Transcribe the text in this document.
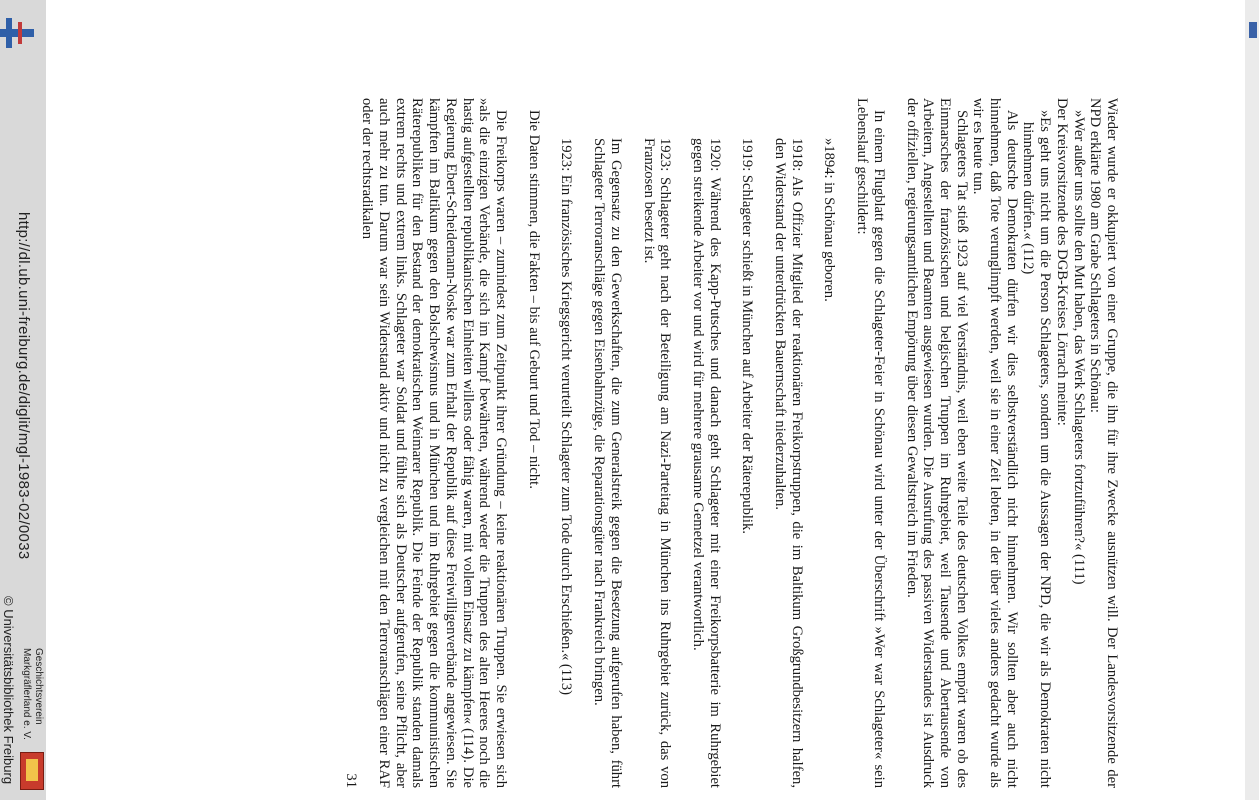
http://dl.ub.uni-freiburg.de/diglit/mgl-1983-02/0033
© Universitätsbibliothek Freiburg Geschichtsverein
Markgräflerland e. V.	Wieder wurde er okkupiert von einer Gruppe, die ihn für ihre Zwecke ausnützen will. Der Landesvorsitzende der NPD erklärte 1980 am Grabe Schlageters in Schönau:

»Wer außer uns sollte den Mut haben, das Werk Schlageters fortzuführen?« (111)

Der Kreisvorsitzende des DGB-Kreises Lörrach meinte:

»Es geht uns nicht um die Person Schlageters, sondern um die Aussagen der NPD, die wir als Demokraten nicht hinnehmen dürfen.« (112)

Als deutsche Demokraten dürfen wir dies selbstverständlich nicht hinnehmen. Wir sollten aber auch nicht hinnehmen, daß Tote verunglimpft werden, weil sie in einer Zeit lebten, in der über vieles anders gedacht wurde als wir es heute tun.

Schlageters Tat stieß 1923 auf viel Verständnis, weil eben weite Teile des deutschen Volkes empört waren ob des Einmarsches der französischen und belgischen Truppen im Ruhrgebiet, weil Tausende und Abertausende von Arbeitern, Angestellten und Beamten ausgewiesen wurden. Die Ausrufung des passiven Widerstandes ist Ausdruck der offiziellen, regierungsamtlichen Empörung über diesen Gewaltstreich im Frieden.

In einem Flugblatt gegen die Schlageter-Feier in Schönau wird unter der Überschrift »Wer war Schlageter« sein Lebenslauf geschildert:

»1894: in Schönau geboren.

1918: Als Offizier Mitglied der reaktionären Freikorpstruppen, die im Baltikum Großgrundbesitzern halfen, den Widerstand der unterdrückten Bauernschaft niederzuhalten.

1919: Schlageter schießt in München auf Arbeiter der Räterepublik.

1920: Während des Kapp-Putsches und danach geht Schlageter mit einer Freikorpsbatterie im Ruhrgebiet gegen streikende Arbeiter vor und wird für mehrere grausame Gemetzel verantwortlich.

1923: Schlageter geht nach der Beteiligung am Nazi-Parteitag in München ins Ruhrgebiet zurück, das von Franzosen besetzt ist.

Im Gegensatz zu den Gewerkschaften, die zum Generalstreik gegen die Besetzung aufgerufen haben, führt Schlageter Terroranschläge gegen Eisenbahnzüge, die Reparationsgüter nach Frankreich bringen.

1923: Ein französisches Kriegsgericht verurteilt Schlageter zum Tode durch Erschießen.« (113)

Die Daten stimmen, die Fakten – bis auf Geburt und Tod – nicht.

Die Freikorps waren – zumindest zum Zeitpunkt ihrer Gründung – keine reaktionären Truppen. Sie erwiesen sich »als die einzigen Verbände, die sich im Kampf bewährten, während weder die Truppen des alten Heeres noch die hastig aufgestellten republikanischen Einheiten willens oder fähig waren, mit vollem Einsatz zu kämpfen« (114). Die Regierung Ebert-Scheidemann-Noske war zum Erhalt der Republik auf diese Freiwilligenverbände angewiesen. Sie kämpften im Baltikum gegen den Bolschewismus und in München und im Ruhrgebiet gegen die kommunistischen Räterepubliken für den Bestand der demokratischen Weimarer Republik. Die Feinde der Republik standen damals extrem rechts und extrem links. Schlageter war Soldat und fühlte sich als Deutscher aufgerufen, seine Pflicht, aber auch mehr zu tun. Darum war sein Widerstand aktiv und nicht zu vergleichen mit den Terroranschlägen einer RAF oder der rechtsradikalen

31
